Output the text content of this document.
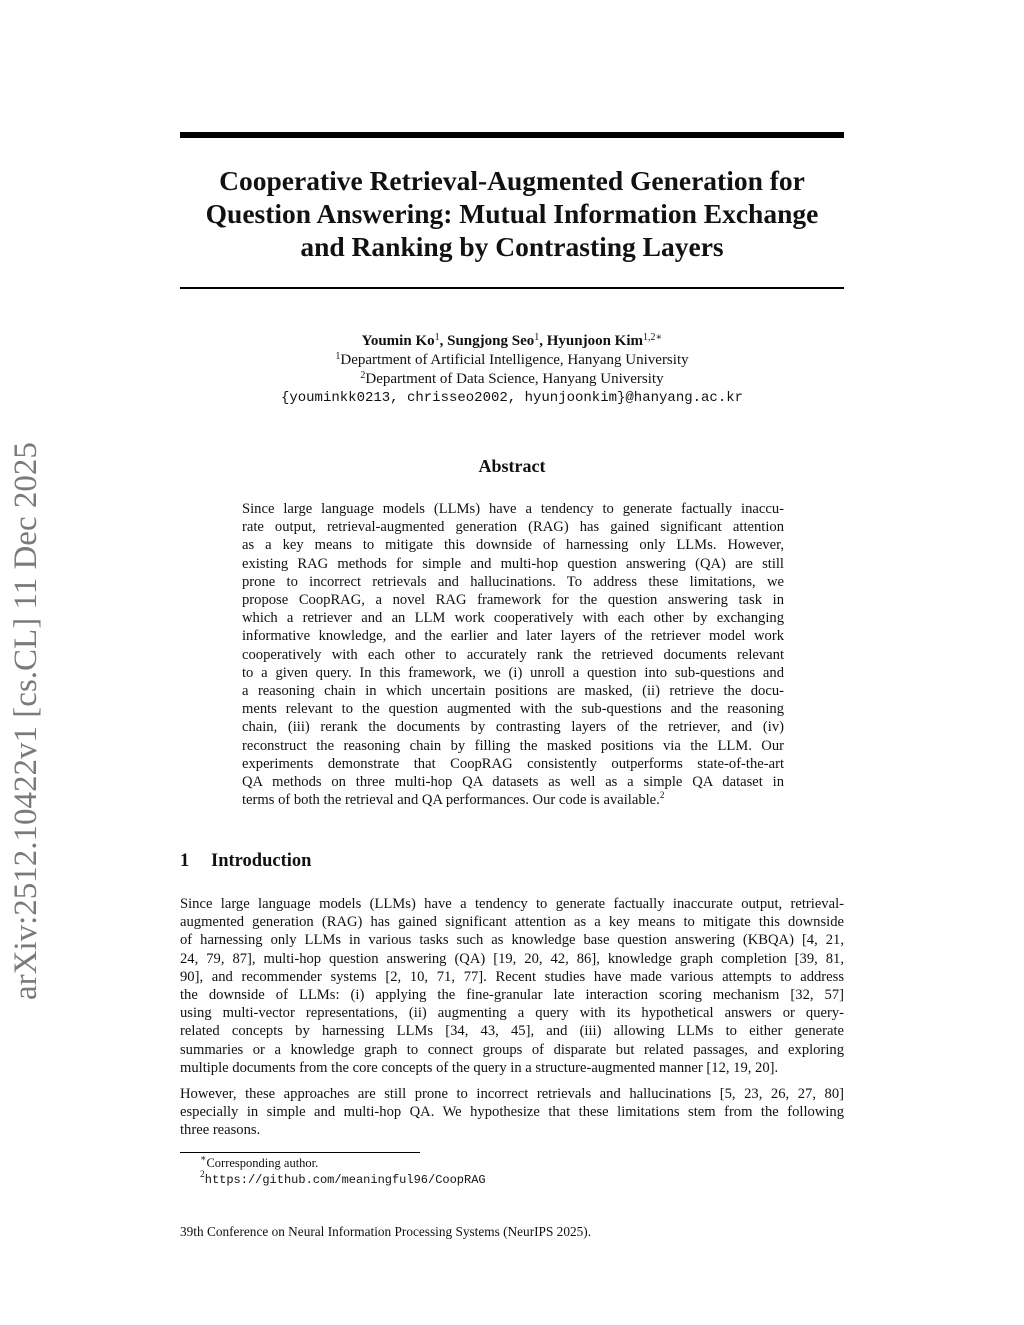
arXiv:2512.10422v1 [cs.CL] 11 Dec 2025
Cooperative Retrieval-Augmented Generation for
Question Answering: Mutual Information Exchange
and Ranking by Contrasting Layers
Youmin Ko$^1$, Sungjong Seo$^1$, Hyunjoon Kim$^{1,2∗}$
$^1$Department of Artificial Intelligence, Hanyang University
$^2$Department of Data Science, Hanyang University
{youminkk0213, chrisseo2002, hyunjoonkim}@hanyang.ac.kr
Abstract
Since large language models (LLMs) have a tendency to generate factually inaccu-
rate output, retrieval-augmented generation (RAG) has gained significant attention
as a key means to mitigate this downside of harnessing only LLMs. However,
existing RAG methods for simple and multi-hop question answering (QA) are still
prone to incorrect retrievals and hallucinations. To address these limitations, we
propose CoopRAG, a novel RAG framework for the question answering task in
which a retriever and an LLM work cooperatively with each other by exchanging
informative knowledge, and the earlier and later layers of the retriever model work
cooperatively with each other to accurately rank the retrieved documents relevant
to a given query. In this framework, we (i) unroll a question into sub-questions and
a reasoning chain in which uncertain positions are masked, (ii) retrieve the docu-
ments relevant to the question augmented with the sub-questions and the reasoning
chain, (iii) rerank the documents by contrasting layers of the retriever, and (iv)
reconstruct the reasoning chain by filling the masked positions via the LLM. Our
experiments demonstrate that CoopRAG consistently outperforms state-of-the-art
QA methods on three multi-hop QA datasets as well as a simple QA dataset in
terms of both the retrieval and QA performances. Our code is available.$^2$
1 Introduction
Since large language models (LLMs) have a tendency to generate factually inaccurate output, retrieval-
augmented generation (RAG) has gained significant attention as a key means to mitigate this downside
of harnessing only LLMs in various tasks such as knowledge base question answering (KBQA) [4, 21,
24, 79, 87], multi-hop question answering (QA) [19, 20, 42, 86], knowledge graph completion [39, 81,
90], and recommender systems [2, 10, 71, 77]. Recent studies have made various attempts to address
the downside of LLMs: (i) applying the fine-granular late interaction scoring mechanism [32, 57]
using multi-vector representations, (ii) augmenting a query with its hypothetical answers or query-
related concepts by harnessing LLMs [34, 43, 45], and (iii) allowing LLMs to either generate
summaries or a knowledge graph to connect groups of disparate but related passages, and exploring
multiple documents from the core concepts of the query in a structure-augmented manner [12, 19, 20].
However, these approaches are still prone to incorrect retrievals and hallucinations [5, 23, 26, 27, 80]
especially in simple and multi-hop QA. We hypothesize that these limitations stem from the following
three reasons.
∗Corresponding author.
$^2$https://github.com/meaningful96/CoopRAG
39th Conference on Neural Information Processing Systems (NeurIPS 2025).
